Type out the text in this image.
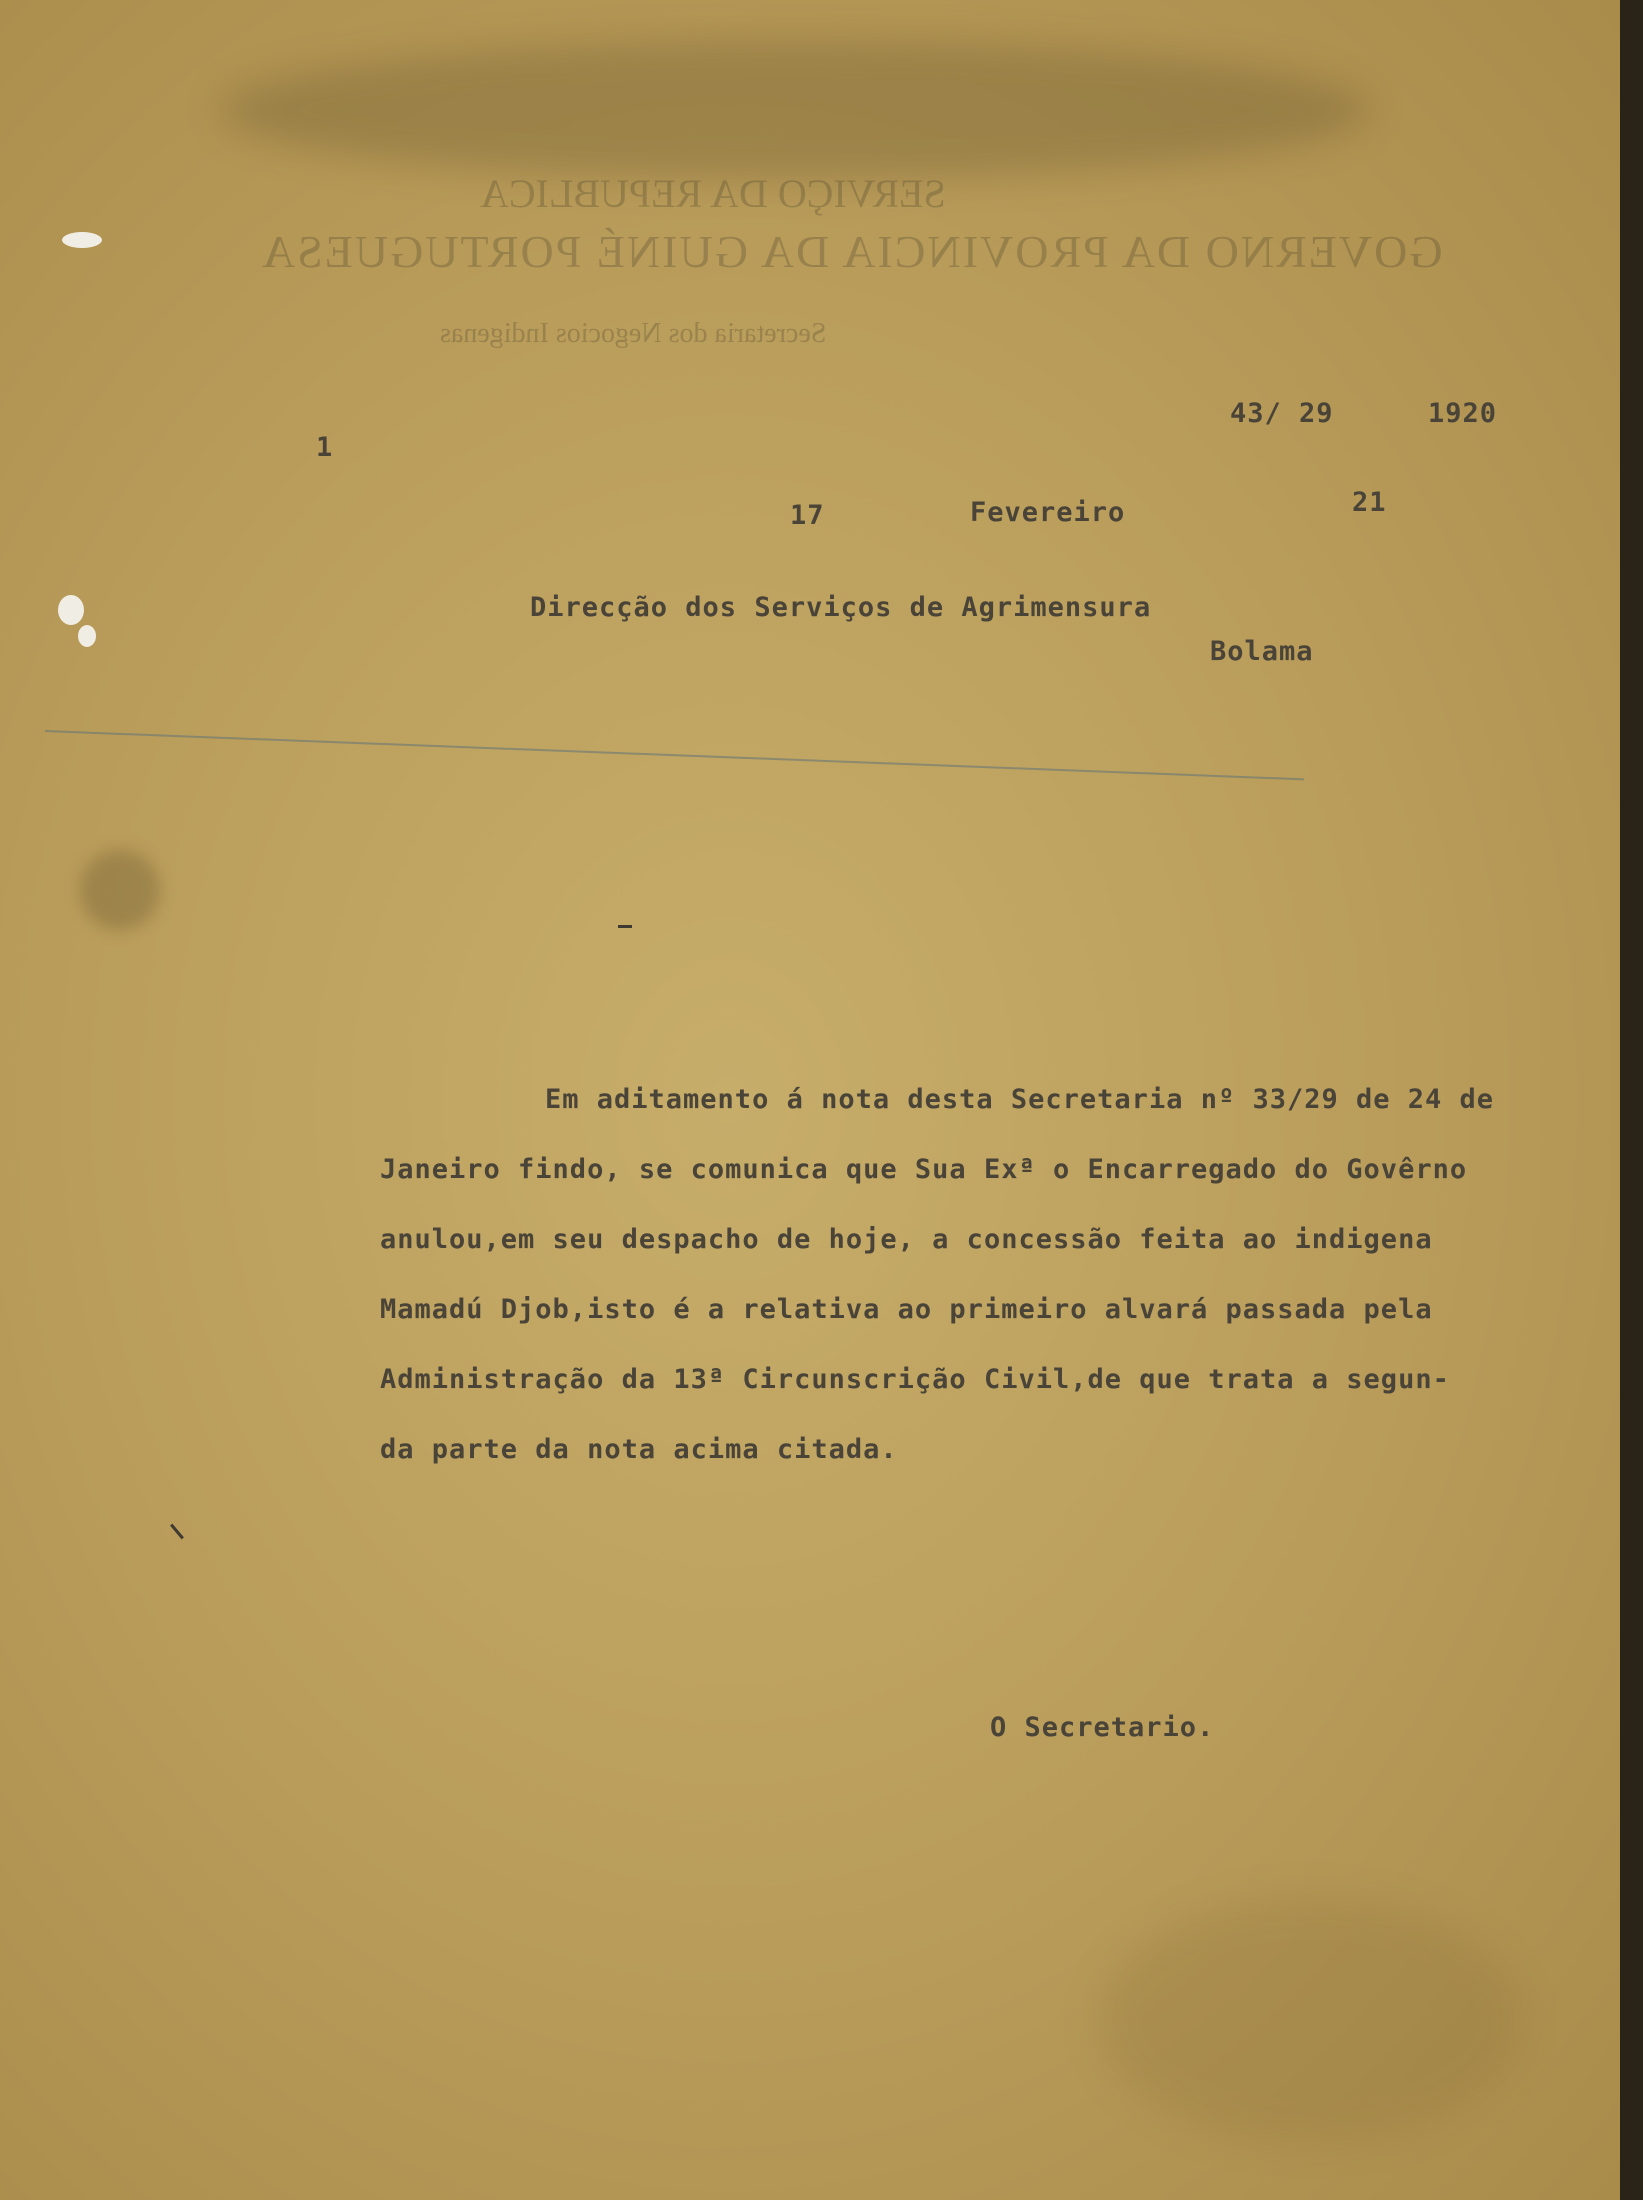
SERVIÇO DA REPUBLICA
GOVERNO DA PROVINCIA DA GUINÉ PORTUGUESA
Secretaria dos Negocios Indigenas
43/ 29	1920
1
17	Fevereiro	21
Direcção dos Serviços de Agrimensura
Bolama
Em aditamento á nota desta Secretaria nº 33/29 de 24 de
Janeiro findo, se comunica que Sua Exª o Encarregado do Govêrno
anulou,em seu despacho de hoje, a concessão feita ao indigena
Mamadú Djob,isto é a relativa ao primeiro alvará passada pela
Administração da 13ª Circunscrição Civil,de que trata a segun-
da parte da nota acima citada.
O Secretario.
